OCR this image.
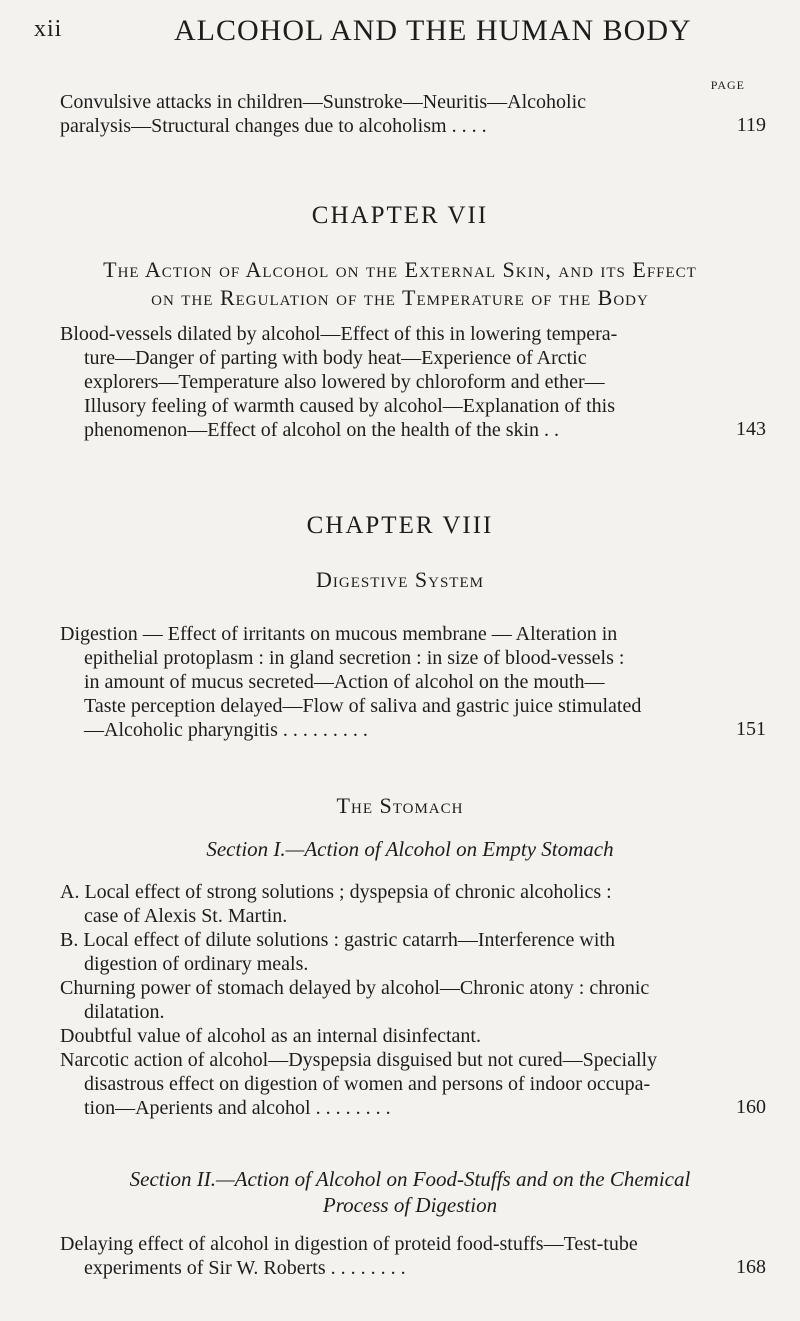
xii	ALCOHOL AND THE HUMAN BODY
PAGE
Convulsive attacks in children—Sunstroke—Neuritis—Alcoholic
paralysis—Structural changes due to alcoholism . . . .	119
CHAPTER VII
The Action of Alcohol on the External Skin, and its Effect
on the Regulation of the Temperature of the Body
Blood-vessels dilated by alcohol—Effect of this in lowering tempera-
ture—Danger of parting with body heat—Experience of Arctic
explorers—Temperature also lowered by chloroform and ether—
Illusory feeling of warmth caused by alcohol—Explanation of this
phenomenon—Effect of alcohol on the health of the skin . .	143
CHAPTER VIII
Digestive System
Digestion — Effect of irritants on mucous membrane — Alteration in
epithelial protoplasm : in gland secretion : in size of blood-vessels :
in amount of mucus secreted—Action of alcohol on the mouth—
Taste perception delayed—Flow of saliva and gastric juice stimulated
—Alcoholic pharyngitis . . . . . . . . .	151
The Stomach
Section I.—Action of Alcohol on Empty Stomach
A. Local effect of strong solutions ; dyspepsia of chronic alcoholics :
case of Alexis St. Martin.
B. Local effect of dilute solutions : gastric catarrh—Interference with
digestion of ordinary meals.
Churning power of stomach delayed by alcohol—Chronic atony : chronic
dilatation.
Doubtful value of alcohol as an internal disinfectant.
Narcotic action of alcohol—Dyspepsia disguised but not cured—Specially
disastrous effect on digestion of women and persons of indoor occupa-
tion—Aperients and alcohol . . . . . . . .	160
Section II.—Action of Alcohol on Food-Stuffs and on the Chemical
Process of Digestion
Delaying effect of alcohol in digestion of proteid food-stuffs—Test-tube
experiments of Sir W. Roberts . . . . . . . .	168
